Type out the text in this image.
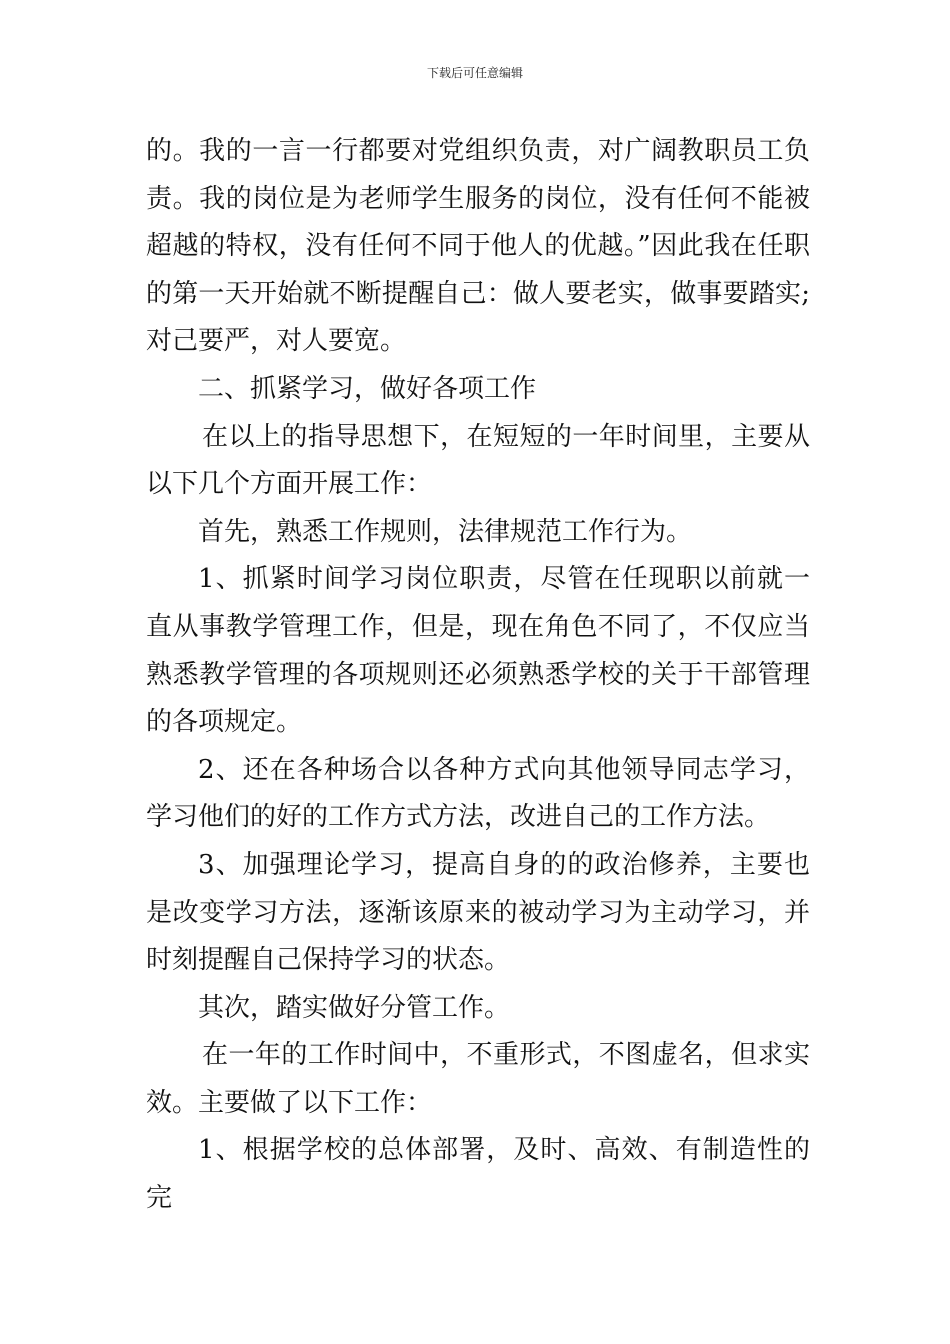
下载后可任意编辑

的。我的一言一行都要对党组织负责，对广阔教职员工负责。我的岗位是为老师学生服务的岗位，没有任何不能被超越的特权，没有任何不同于他人的优越。”因此我在任职的第一天开始就不断提醒自己：做人要老实，做事要踏实;对己要严，对人要宽。

二、抓紧学习，做好各项工作

在以上的指导思想下，在短短的一年时间里，主要从以下几个方面开展工作：

首先，熟悉工作规则，法律规范工作行为。

1、抓紧时间学习岗位职责，尽管在任现职以前就一直从事教学管理工作，但是，现在角色不同了，不仅应当熟悉教学管理的各项规则还必须熟悉学校的关于干部管理的各项规定。

2、还在各种场合以各种方式向其他领导同志学习，学习他们的好的工作方式方法，改进自己的工作方法。

3、加强理论学习，提高自身的的政治修养，主要也是改变学习方法，逐渐该原来的被动学习为主动学习，并时刻提醒自己保持学习的状态。

其次，踏实做好分管工作。

在一年的工作时间中，不重形式，不图虚名，但求实效。主要做了以下工作：

1、根据学校的总体部署，及时、高效、有制造性的完
